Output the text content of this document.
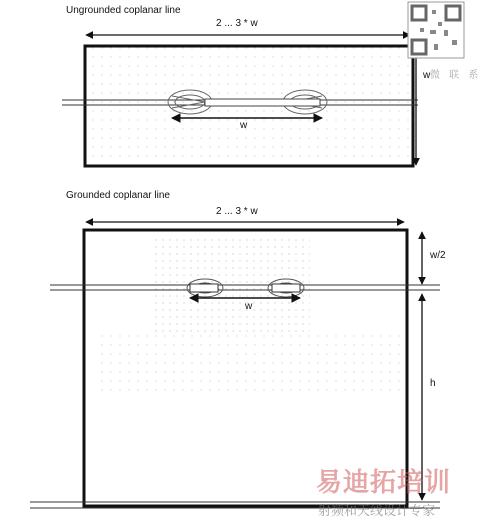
Ungrounded coplanar line
2 ... 3 * w
w
w
Grounded coplanar line
2 ... 3 * w
w
w/2
h
微 联 系
易迪拓培训
射频和天线设计专家
